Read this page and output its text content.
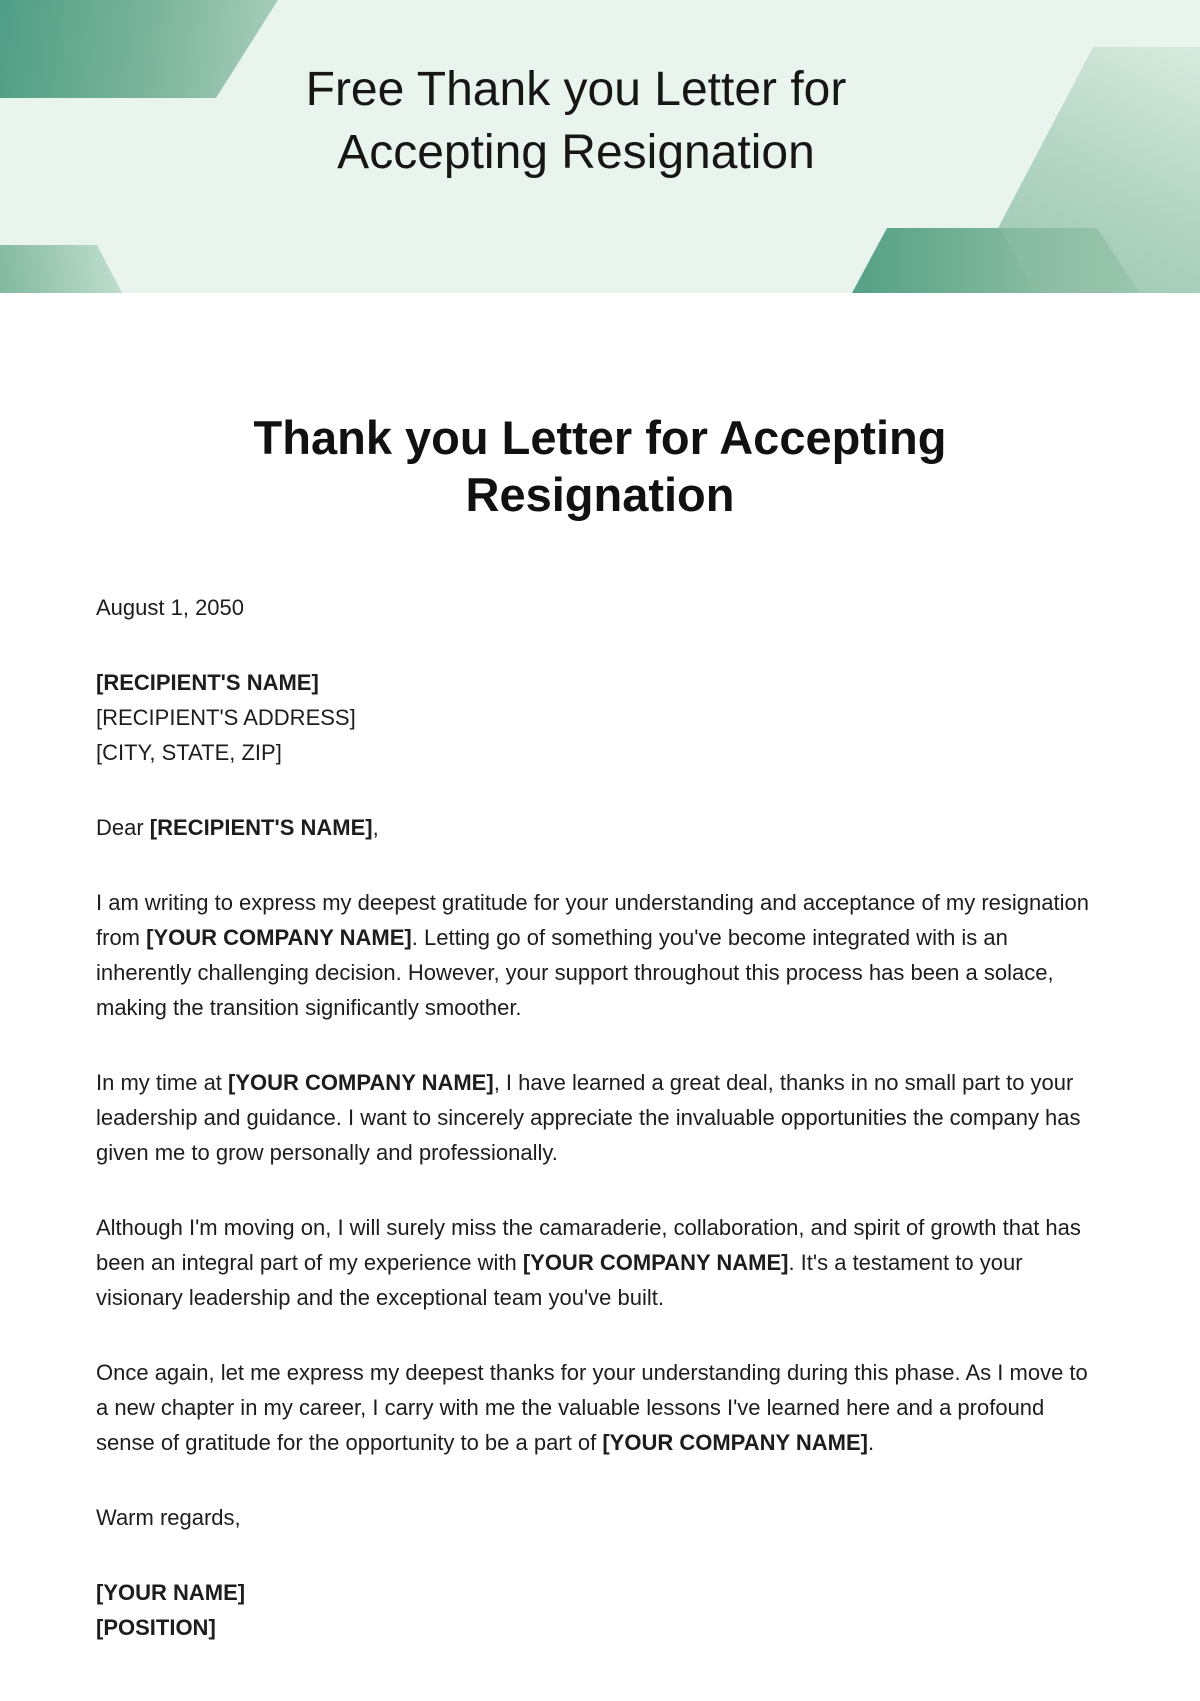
Free Thank you Letter for
Accepting Resignation
Thank you Letter for Accepting
Resignation

August 1, 2050

[RECIPIENT'S NAME]
[RECIPIENT'S ADDRESS]
[CITY, STATE, ZIP]

Dear [RECIPIENT'S NAME],

I am writing to express my deepest gratitude for your understanding and acceptance of my resignation from [YOUR COMPANY NAME]. Letting go of something you've become integrated with is an inherently challenging decision. However, your support throughout this process has been a solace, making the transition significantly smoother.

In my time at [YOUR COMPANY NAME], I have learned a great deal, thanks in no small part to your leadership and guidance. I want to sincerely appreciate the invaluable opportunities the company has given me to grow personally and professionally.

Although I'm moving on, I will surely miss the camaraderie, collaboration, and spirit of growth that has been an integral part of my experience with [YOUR COMPANY NAME]. It's a testament to your visionary leadership and the exceptional team you've built.

Once again, let me express my deepest thanks for your understanding during this phase. As I move to a new chapter in my career, I carry with me the valuable lessons I've learned here and a profound sense of gratitude for the opportunity to be a part of [YOUR COMPANY NAME].

Warm regards,

[YOUR NAME]
[POSITION]
